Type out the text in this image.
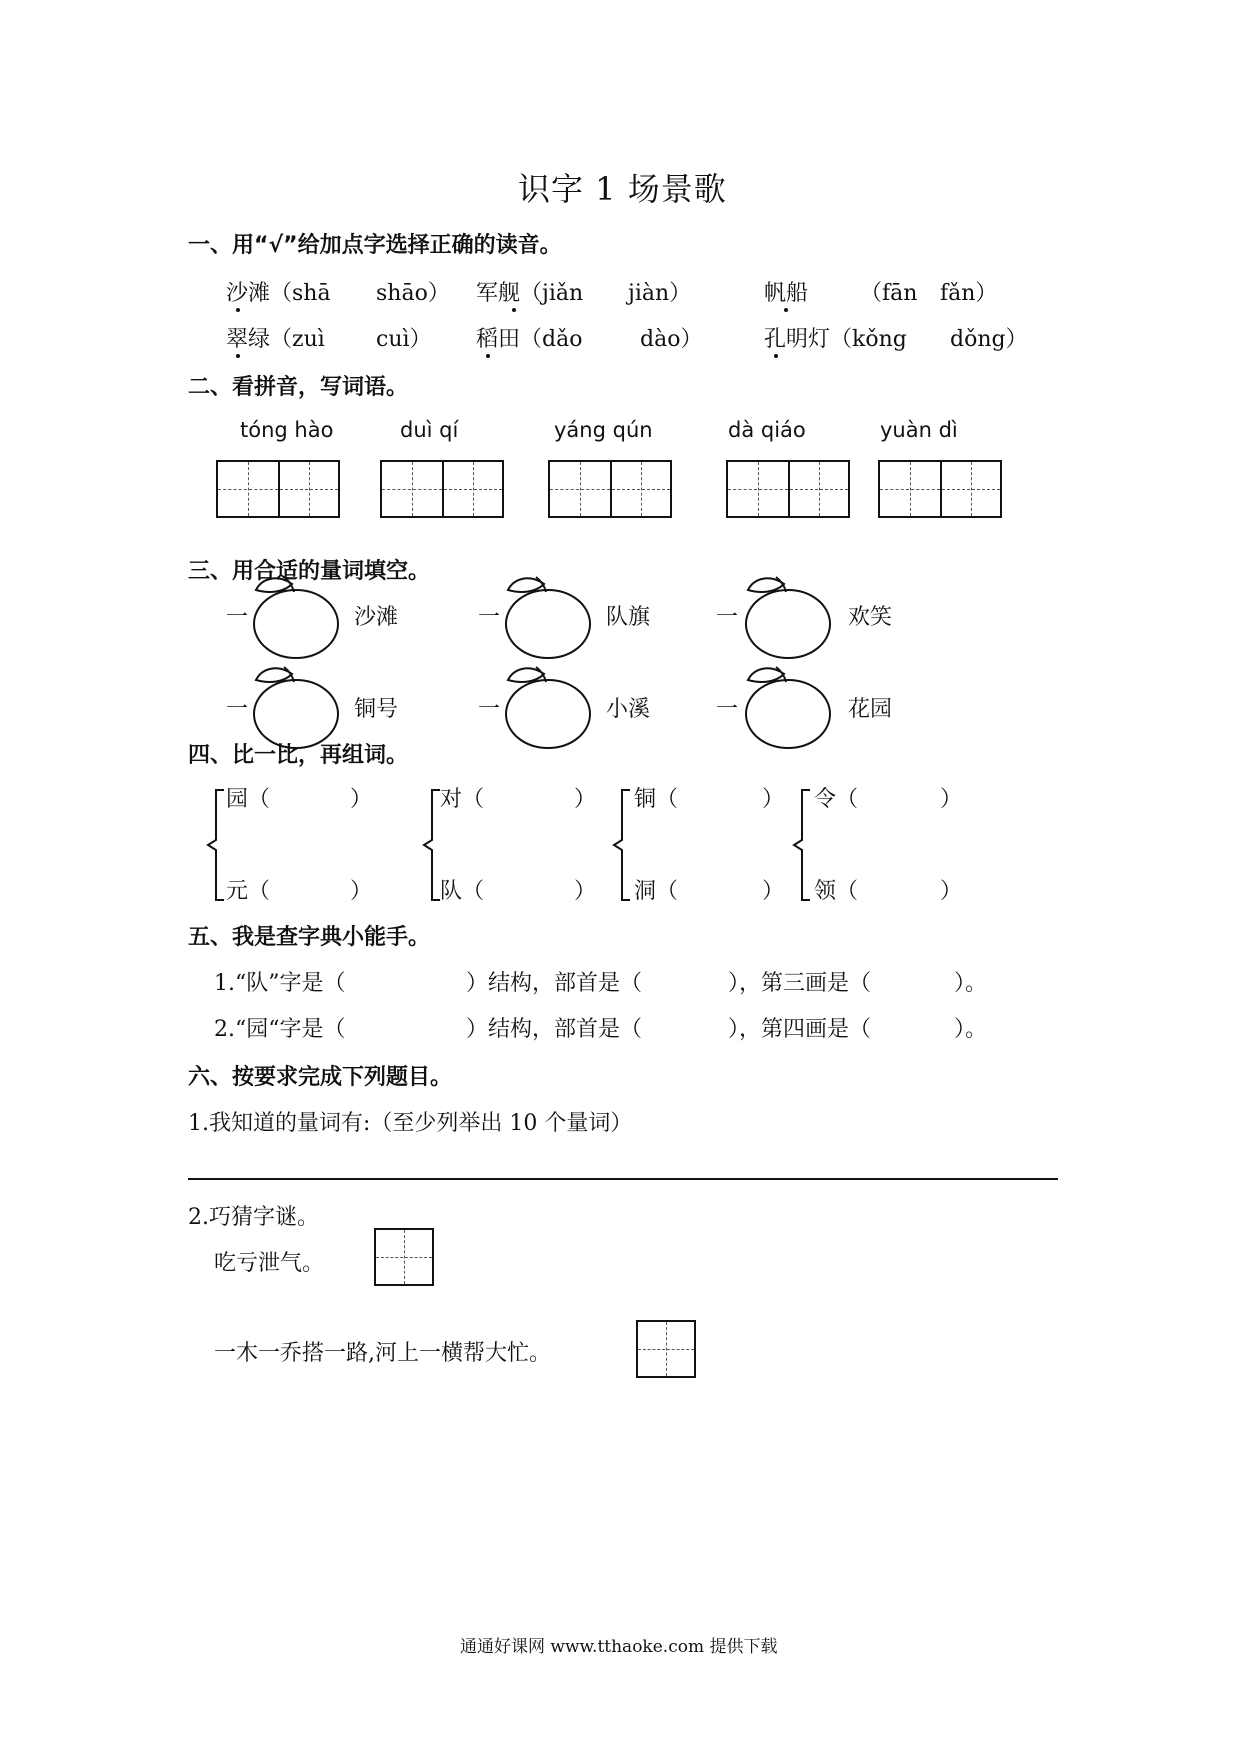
识字 1 场景歌
一、用“√”给加点字选择正确的读音。
沙滩（shā shāo） 军舰（jiǎn jiàn）	帆船 （fān fǎn）
翠绿（zuì cuì） 稻田（dǎo	dào）	孔明灯（kǒng dǒng）
二、看拼音，写词语。
tóng hào	duì qí	yáng qún	dà qiáo	yuàn dì
三、用合适的量词填空。
一	沙滩	一	队旗	一	欢笑
一	铜号	一	小溪	一	花园
四、比一比，再组词。
园（	）
元（	）
对（	）
队（	）
铜（	）
洞（	）
令（	）
领（	）
五、我是查字典小能手。
1.“队”字是（	）结构，部首是（	），第三画是（	）。
2.“园“字是（	）结构，部首是（	），第四画是（	）。
六、按要求完成下列题目。
1.我知道的量词有:（至少列举出 10 个量词）
2.巧猜字谜。
吃亏泄气。
一木一乔搭一路,河上一横帮大忙。
通通好课网 www.tthaoke.com 提供下载
